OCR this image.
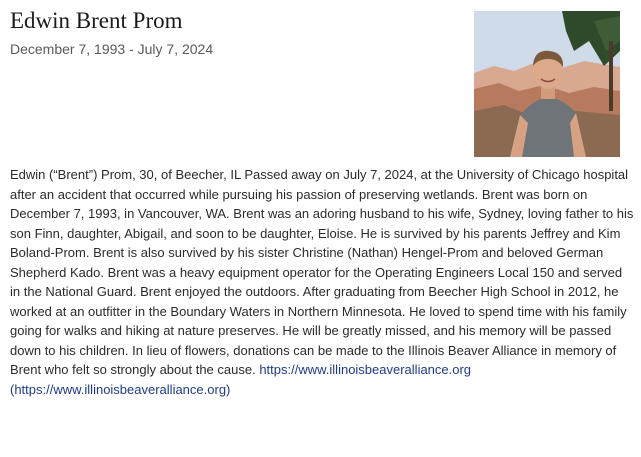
Edwin Brent Prom
December 7, 1993 - July 7, 2024

Edwin (“Brent”) Prom, 30, of Beecher, IL Passed away on July 7, 2024, at the University of Chicago hospital after an accident that occurred while pursuing his passion of preserving wetlands. Brent was born on December 7, 1993, in Vancouver, WA. Brent was an adoring husband to his wife, Sydney, loving father to his son Finn, daughter, Abigail, and soon to be daughter, Eloise. He is survived by his parents Jeffrey and Kim Boland-Prom. Brent is also survived by his sister Christine (Nathan) Hengel-Prom and beloved German Shepherd Kado. Brent was a heavy equipment operator for the Operating Engineers Local 150 and served in the National Guard. Brent enjoyed the outdoors. After graduating from Beecher High School in 2012, he worked at an outfitter in the Boundary Waters in Northern Minnesota. He loved to spend time with his family going for walks and hiking at nature preserves. He will be greatly missed, and his memory will be passed down to his children. In lieu of flowers, donations can be made to the Illinois Beaver Alliance in memory of Brent who felt so strongly about the cause. https://www.illinoisbeaveralliance.org
(https://www.illinoisbeaveralliance.org)
